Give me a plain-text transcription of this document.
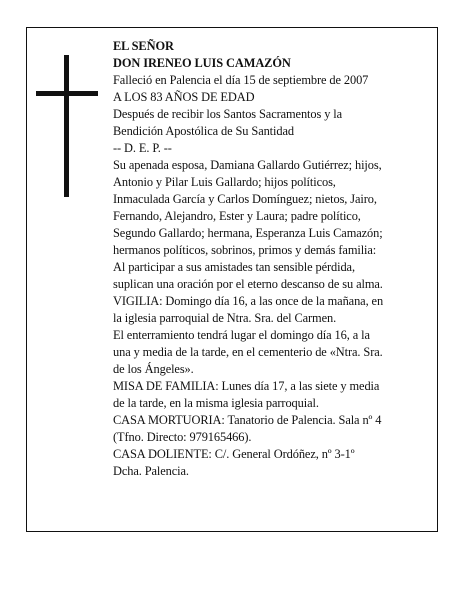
EL SEÑOR

DON IRENEO LUIS CAMAZÓN

Falleció en Palencia el día 15 de septiembre de 2007

A LOS 83 AÑOS DE EDAD

Después de recibir los Santos Sacramentos y la

Bendición Apostólica de Su Santidad

-- D. E. P. --

Su apenada esposa, Damiana Gallardo Gutiérrez; hijos,

Antonio y Pilar Luis Gallardo; hijos políticos,

Inmaculada García y Carlos Domínguez; nietos, Jairo,

Fernando, Alejandro, Ester y Laura; padre político,

Segundo Gallardo; hermana, Esperanza Luis Camazón;

hermanos políticos, sobrinos, primos y demás familia:

Al participar a sus amistades tan sensible pérdida,

suplican una oración por el eterno descanso de su alma.

VIGILIA: Domingo día 16, a las once de la mañana, en

la iglesia parroquial de Ntra. Sra. del Carmen.

El enterramiento tendrá lugar el domingo día 16, a la

una y media de la tarde, en el cementerio de «Ntra. Sra.

de los Ángeles».

MISA DE FAMILIA: Lunes día 17, a las siete y media

de la tarde, en la misma iglesia parroquial.

CASA MORTUORIA: Tanatorio de Palencia. Sala nº 4

(Tfno. Directo: 979165466).

CASA DOLIENTE: C/. General Ordóñez, nº 3-1º

Dcha. Palencia.
